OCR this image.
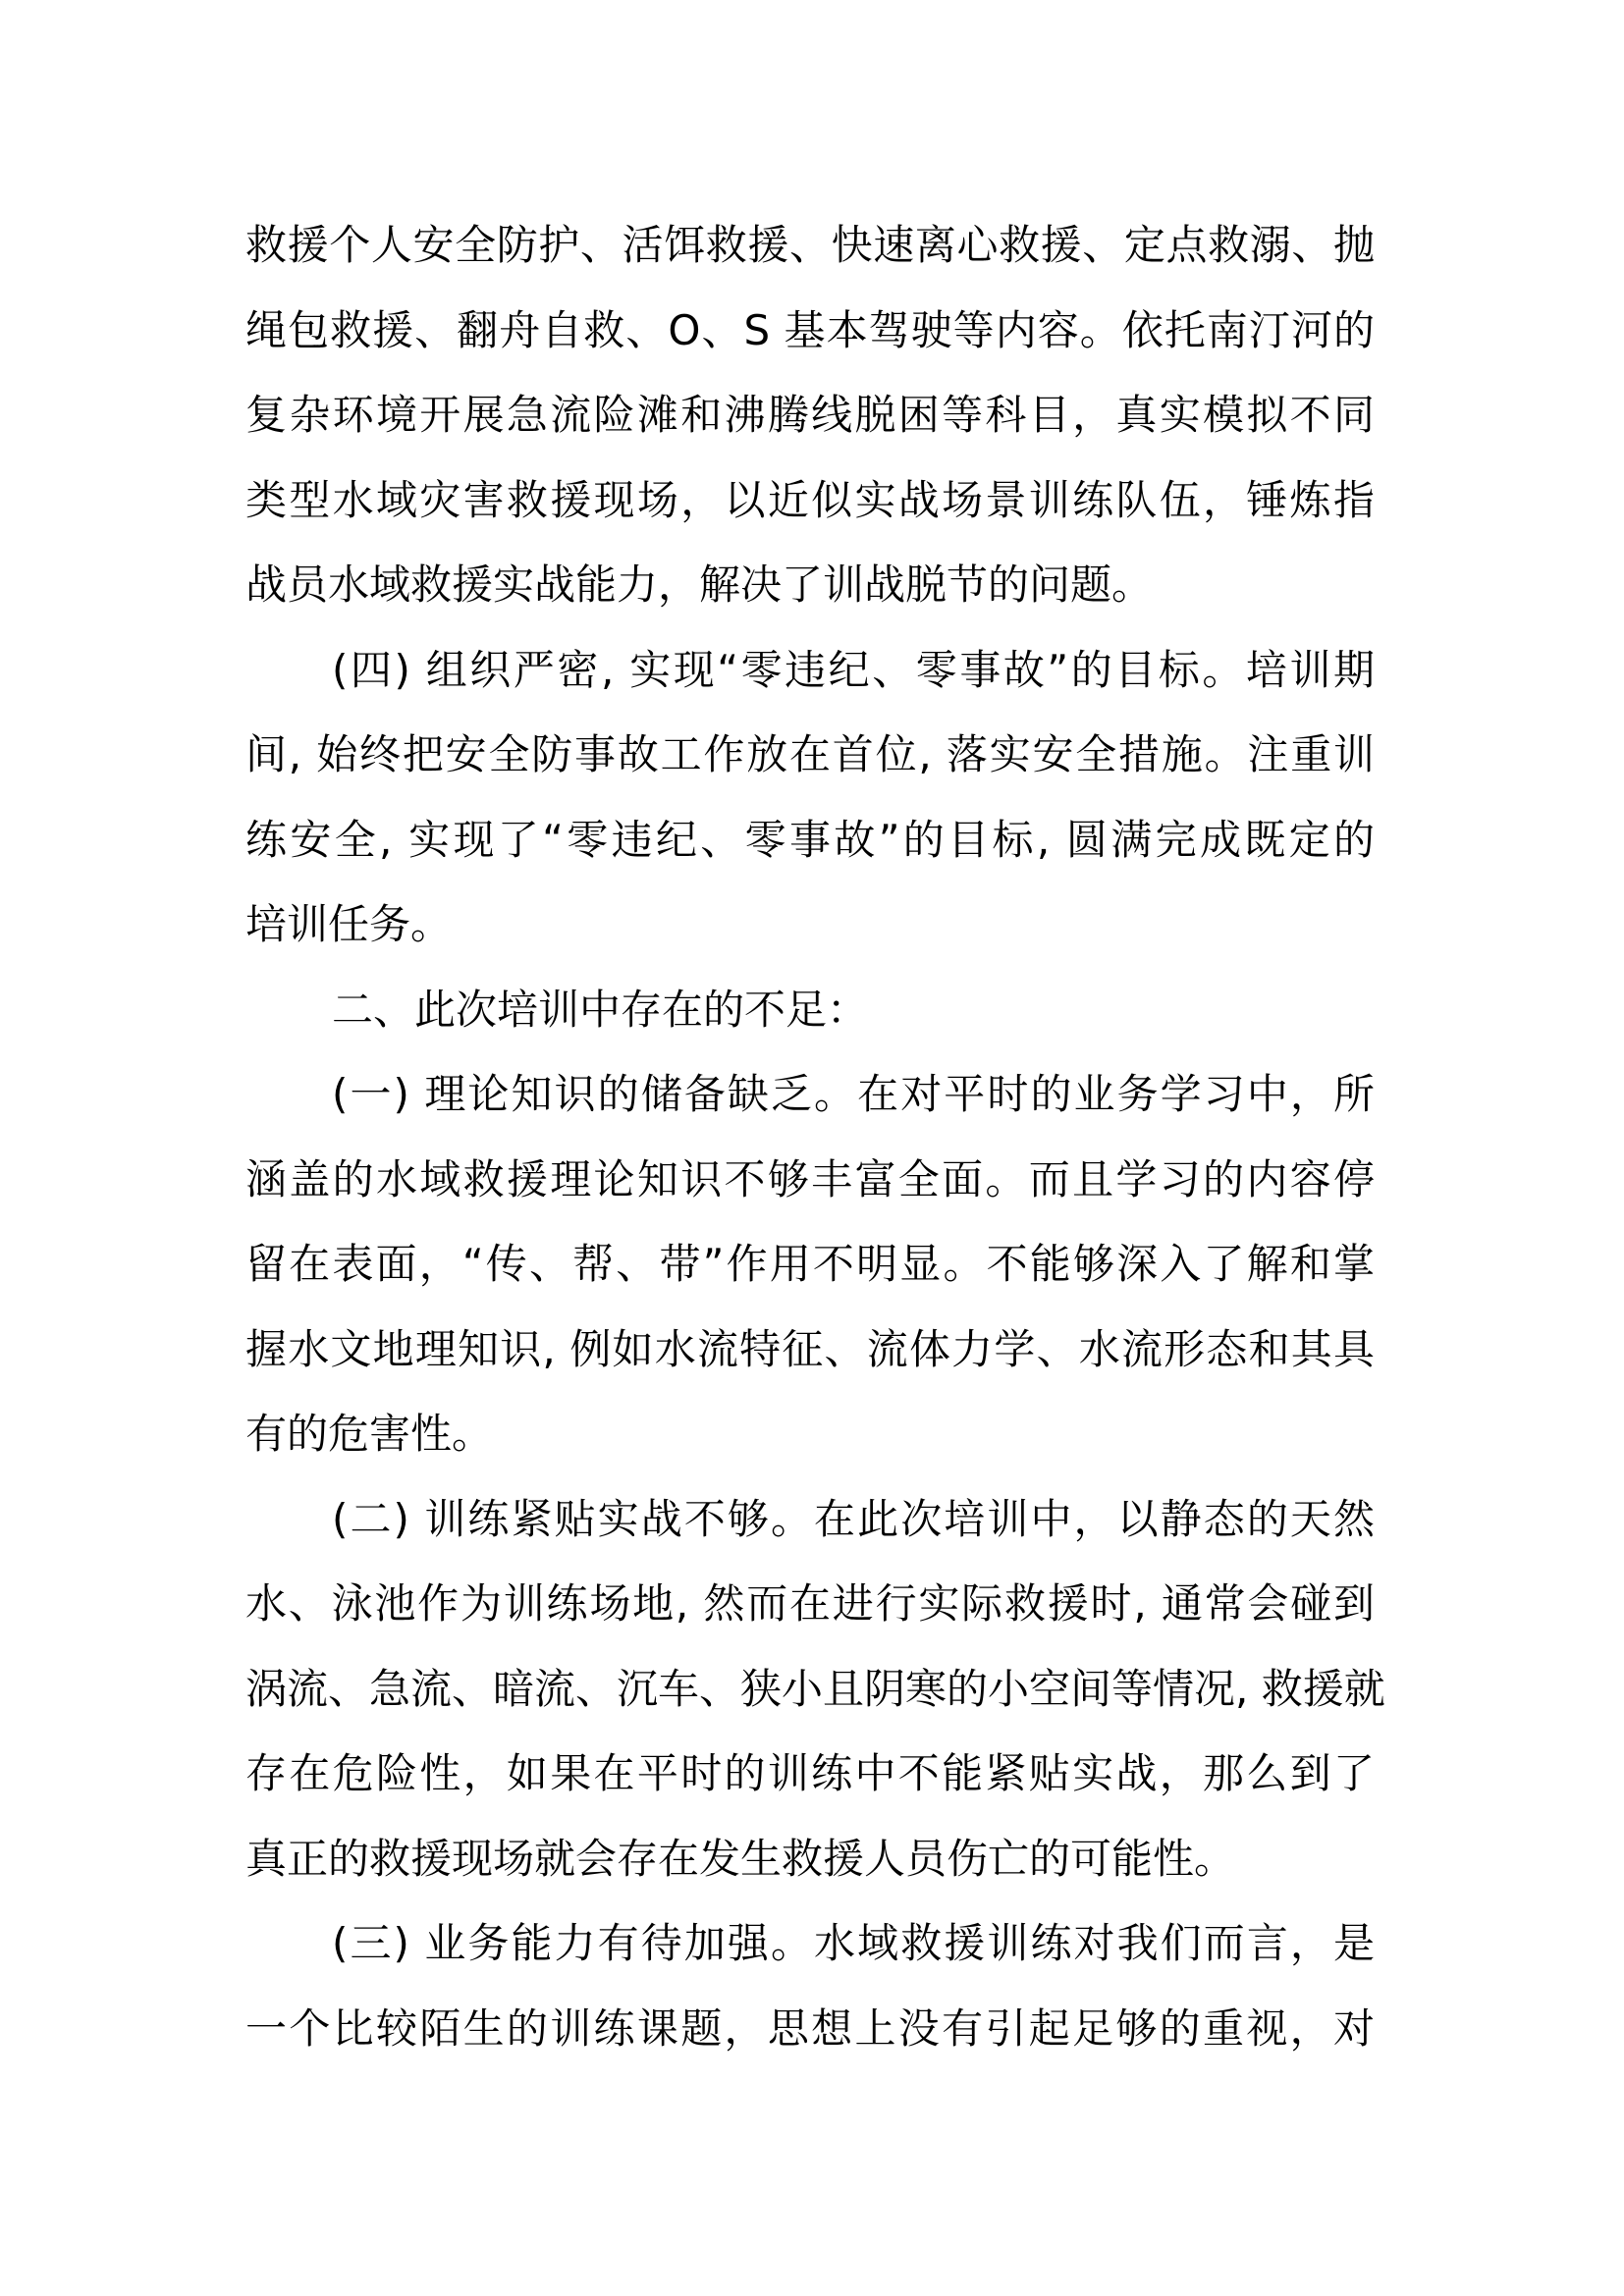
救援个人安全防护、活饵救援、快速离心救援、定点救溺、抛
绳包救援、翻舟自救、O、S 基本驾驶等内容。依托南汀河的
复杂环境开展急流险滩和沸腾线脱困等科目，真实模拟不同
类型水域灾害救援现场，以近似实战场景训练队伍，锤炼指
战员水域救援实战能力，解决了训战脱节的问题。
(四) 组织严密, 实现“零违纪、零事故”的目标。培训期
间, 始终把安全防事故工作放在首位, 落实安全措施。注重训
练安全, 实现了“零违纪、零事故”的目标, 圆满完成既定的
培训任务。
二、此次培训中存在的不足：
(一) 理论知识的储备缺乏。在对平时的业务学习中，所
涵盖的水域救援理论知识不够丰富全面。而且学习的内容停
留在表面，“传、帮、带”作用不明显。不能够深入了解和掌
握水文地理知识, 例如水流特征、流体力学、水流形态和其具
有的危害性。
(二) 训练紧贴实战不够。在此次培训中，以静态的天然
水、泳池作为训练场地, 然而在进行实际救援时, 通常会碰到
涡流、急流、暗流、沉车、狭小且阴寒的小空间等情况, 救援就
存在危险性，如果在平时的训练中不能紧贴实战，那么到了
真正的救援现场就会存在发生救援人员伤亡的可能性。
(三) 业务能力有待加强。水域救援训练对我们而言，是
一个比较陌生的训练课题，思想上没有引起足够的重视，对
